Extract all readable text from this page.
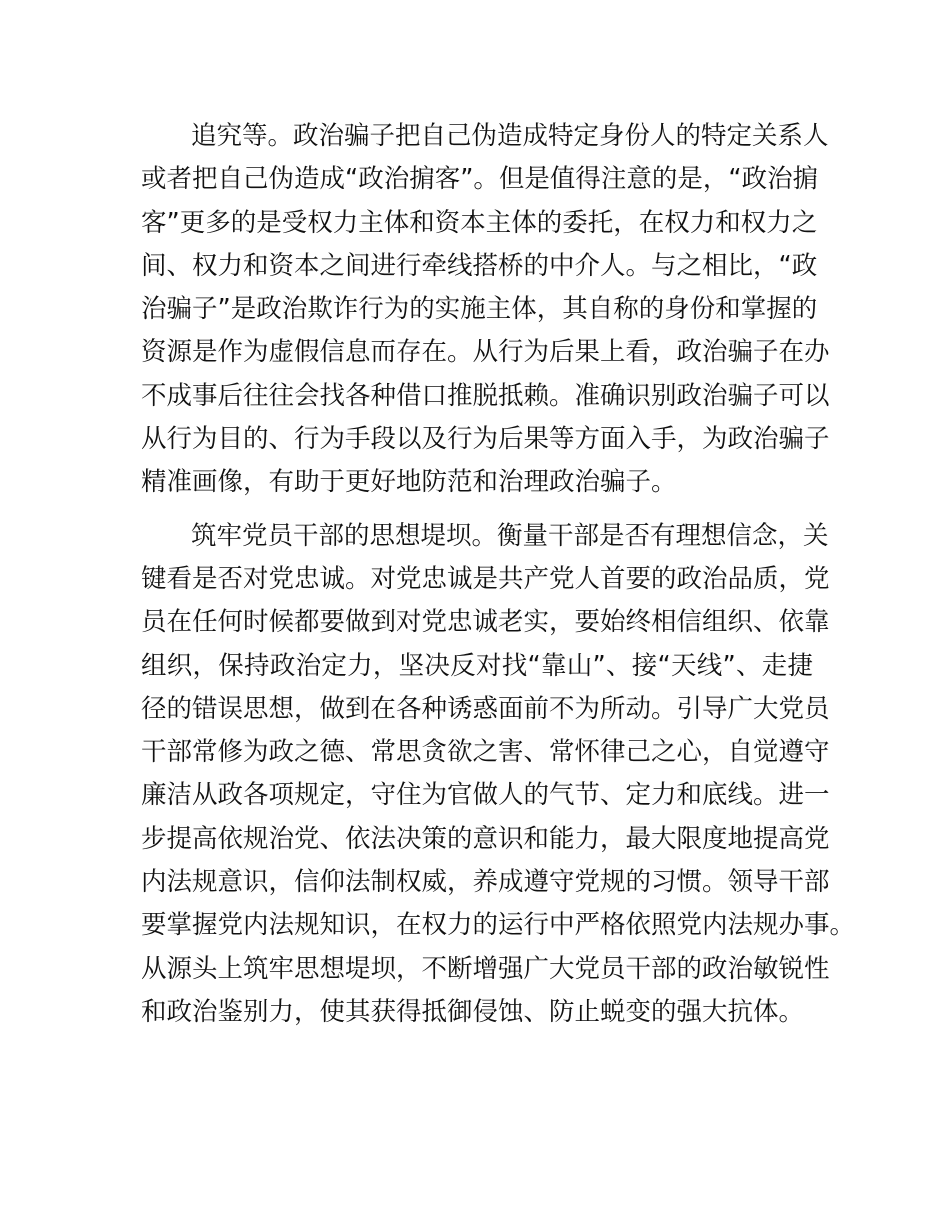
追究等。政治骗子把自己伪造成特定身份人的特定关系人
或者把自己伪造成“政治掮客”。但是值得注意的是，“政治掮
客”更多的是受权力主体和资本主体的委托，在权力和权力之
间、权力和资本之间进行牵线搭桥的中介人。与之相比，“政
治骗子”是政治欺诈行为的实施主体，其自称的身份和掌握的
资源是作为虚假信息而存在。从行为后果上看，政治骗子在办
不成事后往往会找各种借口推脱抵赖。准确识别政治骗子可以
从行为目的、行为手段以及行为后果等方面入手，为政治骗子
精准画像，有助于更好地防范和治理政治骗子。
筑牢党员干部的思想堤坝。衡量干部是否有理想信念，关
键看是否对党忠诚。对党忠诚是共产党人首要的政治品质，党
员在任何时候都要做到对党忠诚老实，要始终相信组织、依靠
组织，保持政治定力，坚决反对找“靠山”、接“天线”、走捷
径的错误思想，做到在各种诱惑面前不为所动。引导广大党员
干部常修为政之德、常思贪欲之害、常怀律己之心，自觉遵守
廉洁从政各项规定，守住为官做人的气节、定力和底线。进一
步提高依规治党、依法决策的意识和能力，最大限度地提高党
内法规意识，信仰法制权威，养成遵守党规的习惯。领导干部
要掌握党内法规知识，在权力的运行中严格依照党内法规办事。
从源头上筑牢思想堤坝，不断增强广大党员干部的政治敏锐性
和政治鉴别力，使其获得抵御侵蚀、防止蜕变的强大抗体。
